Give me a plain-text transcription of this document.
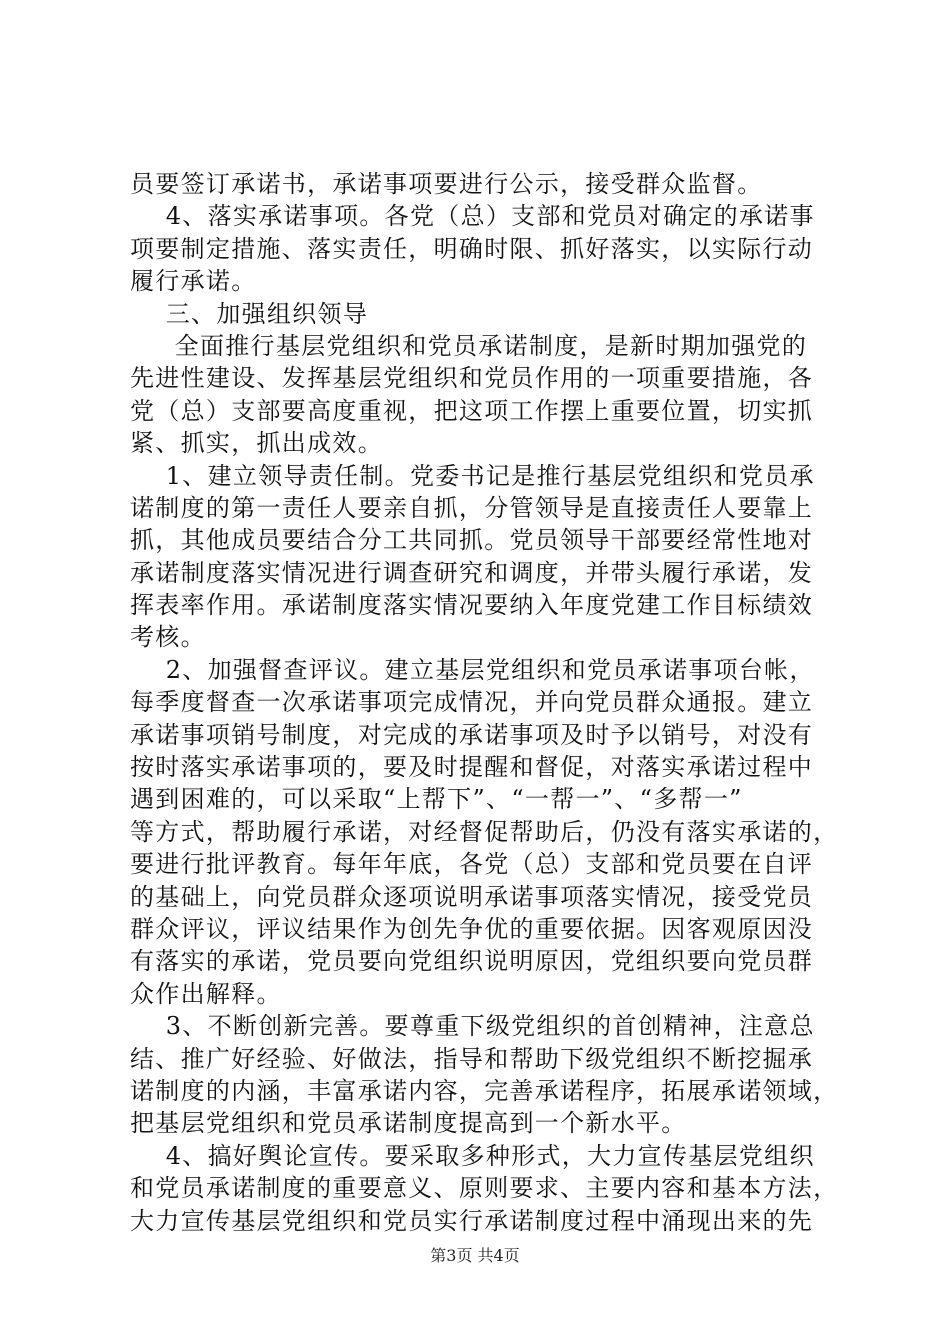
员要签订承诺书，承诺事项要进行公示，接受群众监督。
4、落实承诺事项。各党（总）支部和党员对确定的承诺事
项要制定措施、落实责任，明确时限、抓好落实，以实际行动
履行承诺。
三、加强组织领导
全面推行基层党组织和党员承诺制度，是新时期加强党的
先进性建设、发挥基层党组织和党员作用的一项重要措施，各
党（总）支部要高度重视，把这项工作摆上重要位置，切实抓
紧、抓实，抓出成效。
1、建立领导责任制。党委书记是推行基层党组织和党员承
诺制度的第一责任人要亲自抓，分管领导是直接责任人要靠上
抓，其他成员要结合分工共同抓。党员领导干部要经常性地对
承诺制度落实情况进行调查研究和调度，并带头履行承诺，发
挥表率作用。承诺制度落实情况要纳入年度党建工作目标绩效
考核。
2、加强督查评议。建立基层党组织和党员承诺事项台帐，
每季度督查一次承诺事项完成情况，并向党员群众通报。建立
承诺事项销号制度，对完成的承诺事项及时予以销号，对没有
按时落实承诺事项的，要及时提醒和督促，对落实承诺过程中
遇到困难的，可以采取“上帮下”、“一帮一”、“多帮一”
等方式，帮助履行承诺，对经督促帮助后，仍没有落实承诺的，
要进行批评教育。每年年底，各党（总）支部和党员要在自评
的基础上，向党员群众逐项说明承诺事项落实情况，接受党员
群众评议，评议结果作为创先争优的重要依据。因客观原因没
有落实的承诺，党员要向党组织说明原因，党组织要向党员群
众作出解释。
3、不断创新完善。要尊重下级党组织的首创精神，注意总
结、推广好经验、好做法，指导和帮助下级党组织不断挖掘承
诺制度的内涵，丰富承诺内容，完善承诺程序，拓展承诺领域，
把基层党组织和党员承诺制度提高到一个新水平。
4、搞好舆论宣传。要采取多种形式，大力宣传基层党组织
和党员承诺制度的重要意义、原则要求、主要内容和基本方法，
大力宣传基层党组织和党员实行承诺制度过程中涌现出来的先
第3页 共4页
